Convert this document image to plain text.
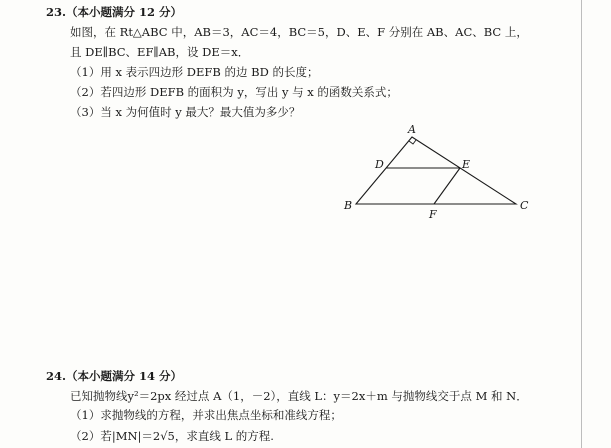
23.（本小题满分 12 分）
如图，在 Rt△ABC 中，AB＝3，AC＝4，BC＝5，D、E、F 分别在 AB、AC、BC 上，
且 DE∥BC、EF∥AB，设 DE＝x．
（1）用 x 表示四边形 DEFB 的边 BD 的长度；
（2）若四边形 DEFB 的面积为 y，写出 y 与 x 的函数关系式；
（3）当 x 为何值时 y 最大？最大值为多少？
A
B	C
D	E
F
24.（本小题满分 14 分）
已知抛物线y²＝2px 经过点 A（1，－2），直线 L：y＝2x＋m 与抛物线交于点 M 和 N．
（1）求抛物线的方程，并求出焦点坐标和准线方程；
（2）若|MN|＝2√5，求直线 L 的方程.
